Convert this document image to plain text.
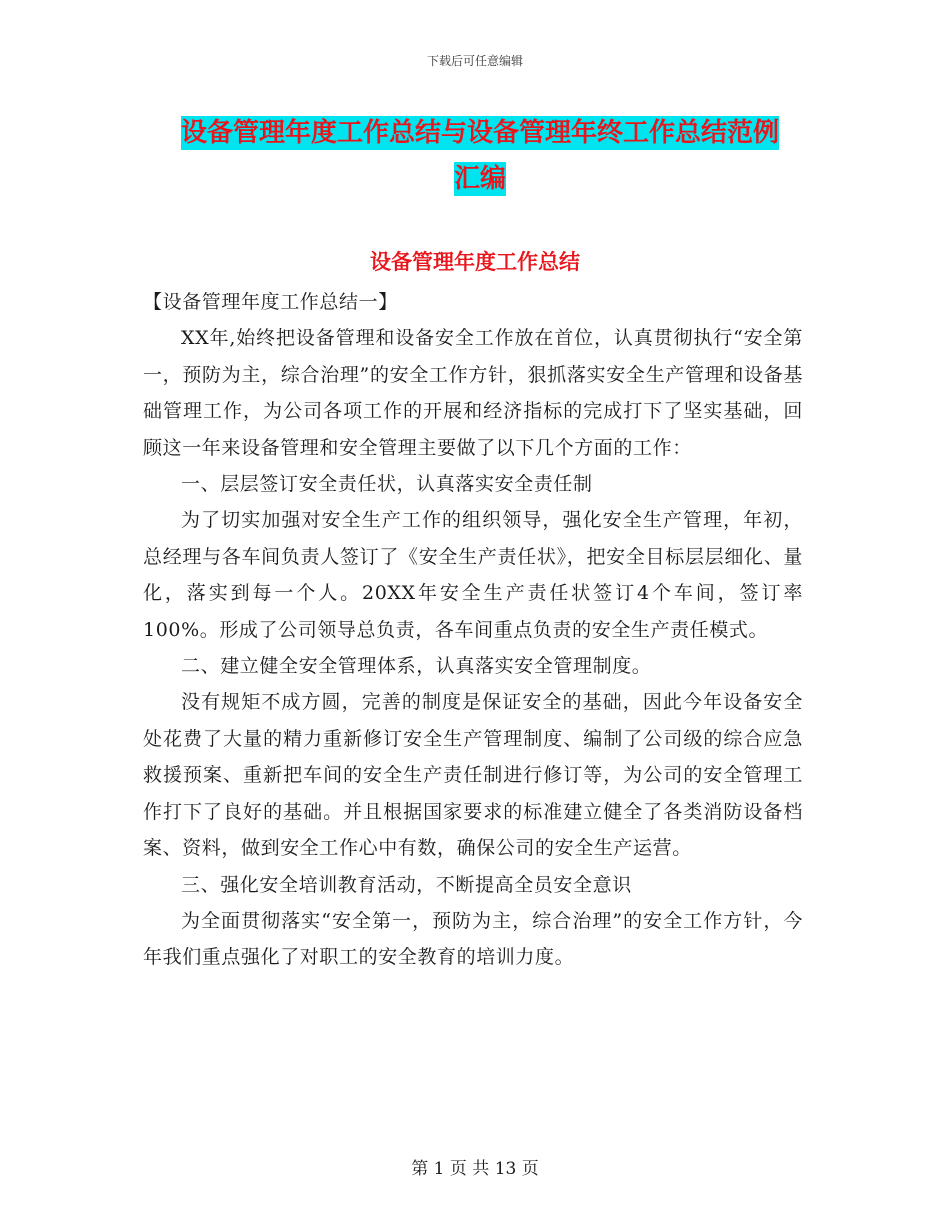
下载后可任意编辑
设备管理年度工作总结与设备管理年终工作总结范例
汇编
设备管理年度工作总结

【设备管理年度工作总结一】

XX年,始终把设备管理和设备安全工作放在首位，认真贯彻执行“安全第一，预防为主，综合治理”的安全工作方针，狠抓落实安全生产管理和设备基础管理工作，为公司各项工作的开展和经济指标的完成打下了坚实基础，回顾这一年来设备管理和安全管理主要做了以下几个方面的工作：

一、层层签订安全责任状，认真落实安全责任制

为了切实加强对安全生产工作的组织领导，强化安全生产管理，年初，总经理与各车间负责人签订了《安全生产责任状》，把安全目标层层细化、量化，落实到每一个人。20XX年安全生产责任状签订4个车间，签订率100%。形成了公司领导总负责，各车间重点负责的安全生产责任模式。

二、建立健全安全管理体系，认真落实安全管理制度。

没有规矩不成方圆，完善的制度是保证安全的基础，因此今年设备安全处花费了大量的精力重新修订安全生产管理制度、编制了公司级的综合应急救援预案、重新把车间的安全生产责任制进行修订等，为公司的安全管理工作打下了良好的基础。并且根据国家要求的标准建立健全了各类消防设备档案、资料，做到安全工作心中有数，确保公司的安全生产运营。

三、强化安全培训教育活动，不断提高全员安全意识

为全面贯彻落实“安全第一，预防为主，综合治理”的安全工作方针，今年我们重点强化了对职工的安全教育的培训力度。

第 1 页 共 13 页
